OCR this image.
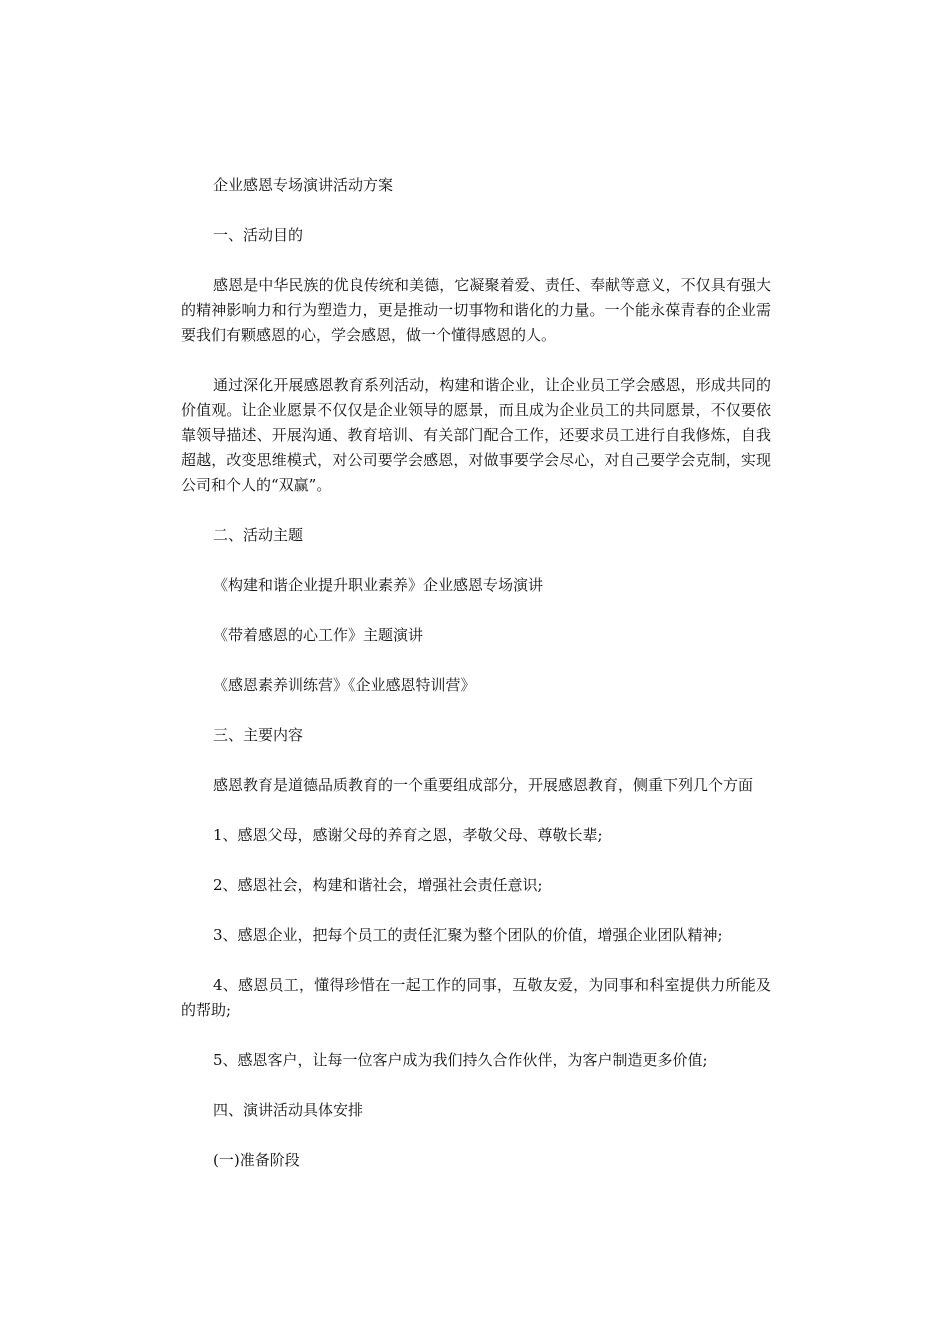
企业感恩专场演讲活动方案

一、活动目的

感恩是中华民族的优良传统和美德，它凝聚着爱、责任、奉献等意义，不仅具有强大的精神影响力和行为塑造力，更是推动一切事物和谐化的力量。一个能永葆青春的企业需要我们有颗感恩的心，学会感恩，做一个懂得感恩的人。

通过深化开展感恩教育系列活动，构建和谐企业，让企业员工学会感恩，形成共同的价值观。让企业愿景不仅仅是企业领导的愿景，而且成为企业员工的共同愿景，不仅要依靠领导描述、开展沟通、教育培训、有关部门配合工作，还要求员工进行自我修炼，自我超越，改变思维模式，对公司要学会感恩，对做事要学会尽心，对自己要学会克制，实现公司和个人的“双赢”。

二、活动主题

《构建和谐企业提升职业素养》企业感恩专场演讲

《带着感恩的心工作》主题演讲

《感恩素养训练营》《企业感恩特训营》

三、主要内容

感恩教育是道德品质教育的一个重要组成部分，开展感恩教育，侧重下列几个方面

1、感恩父母，感谢父母的养育之恩，孝敬父母、尊敬长辈;

2、感恩社会，构建和谐社会，增强社会责任意识;

3、感恩企业，把每个员工的责任汇聚为整个团队的价值，增强企业团队精神;

4、感恩员工，懂得珍惜在一起工作的同事，互敬友爱，为同事和科室提供力所能及的帮助;

5、感恩客户，让每一位客户成为我们持久合作伙伴，为客户制造更多价值;

四、演讲活动具体安排

(一)准备阶段
